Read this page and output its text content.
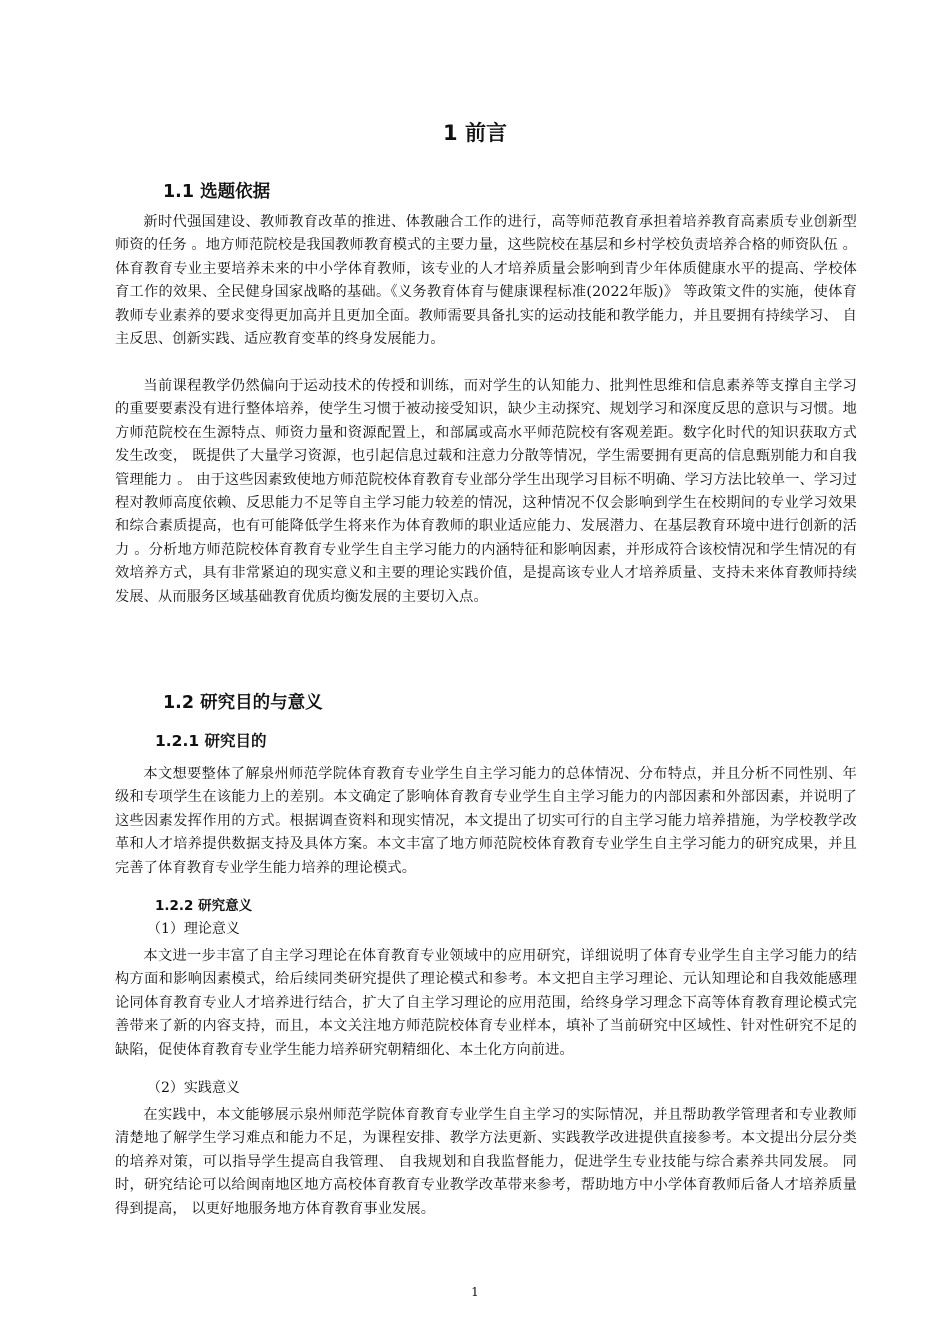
1 前言
1.1 选题依据

新时代强国建设、教师教育改革的推进、体教融合工作的进行，高等师范教育承担着培养教育高素质专业创新型师资的任务 。地方师范院校是我国教师教育模式的主要力量，这些院校在基层和乡村学校负责培养合格的师资队伍 。体育教育专业主要培养未来的中小学体育教师，该专业的人才培养质量会影响到青少年体质健康水平的提高、学校体育工作的效果、全民健身国家战略的基础。《义务教育体育与健康课程标准(2022年版)》 等政策文件的实施，使体育教师专业素养的要求变得更加高并且更加全面。教师需要具备扎实的运动技能和教学能力，并且要拥有持续学习、 自主反思、创新实践、适应教育变革的终身发展能力。

当前课程教学仍然偏向于运动技术的传授和训练，而对学生的认知能力、批判性思维和信息素养等支撑自主学习的重要要素没有进行整体培养，使学生习惯于被动接受知识，缺少主动探究、规划学习和深度反思的意识与习惯。地方师范院校在生源特点、师资力量和资源配置上，和部属或高水平师范院校有客观差距。数字化时代的知识获取方式发生改变， 既提供了大量学习资源，也引起信息过载和注意力分散等情况，学生需要拥有更高的信息甄别能力和自我管理能力 。 由于这些因素致使地方师范院校体育教育专业部分学生出现学习目标不明确、学习方法比较单一、学习过程对教师高度依赖、反思能力不足等自主学习能力较差的情况，这种情况不仅会影响到学生在校期间的专业学习效果和综合素质提高，也有可能降低学生将来作为体育教师的职业适应能力、发展潜力、在基层教育环境中进行创新的活力 。分析地方师范院校体育教育专业学生自主学习能力的内涵特征和影响因素，并形成符合该校情况和学生情况的有效培养方式，具有非常紧迫的现实意义和主要的理论实践价值，是提高该专业人才培养质量、支持未来体育教师持续发展、从而服务区域基础教育优质均衡发展的主要切入点。

1.2 研究目的与意义
1.2.1 研究目的

本文想要整体了解泉州师范学院体育教育专业学生自主学习能力的总体情况、分布特点，并且分析不同性别、年级和专项学生在该能力上的差别。本文确定了影响体育教育专业学生自主学习能力的内部因素和外部因素，并说明了这些因素发挥作用的方式。根据调查资料和现实情况，本文提出了切实可行的自主学习能力培养措施，为学校教学改革和人才培养提供数据支持及具体方案。本文丰富了地方师范院校体育教育专业学生自主学习能力的研究成果，并且完善了体育教育专业学生能力培养的理论模式。

1.2.2 研究意义
（1）理论意义

本文进一步丰富了自主学习理论在体育教育专业领域中的应用研究，详细说明了体育专业学生自主学习能力的结构方面和影响因素模式，给后续同类研究提供了理论模式和参考。本文把自主学习理论、元认知理论和自我效能感理论同体育教育专业人才培养进行结合，扩大了自主学习理论的应用范围，给终身学习理念下高等体育教育理论模式完善带来了新的内容支持，而且，本文关注地方师范院校体育专业样本，填补了当前研究中区域性、针对性研究不足的缺陷，促使体育教育专业学生能力培养研究朝精细化、本土化方向前进。

（2）实践意义

在实践中，本文能够展示泉州师范学院体育教育专业学生自主学习的实际情况，并且帮助教学管理者和专业教师清楚地了解学生学习难点和能力不足，为课程安排、教学方法更新、实践教学改进提供直接参考。本文提出分层分类的培养对策，可以指导学生提高自我管理、 自我规划和自我监督能力，促进学生专业技能与综合素养共同发展。 同时，研究结论可以给闽南地区地方高校体育教育专业教学改革带来参考，帮助地方中小学体育教师后备人才培养质量得到提高， 以更好地服务地方体育教育事业发展。

1
